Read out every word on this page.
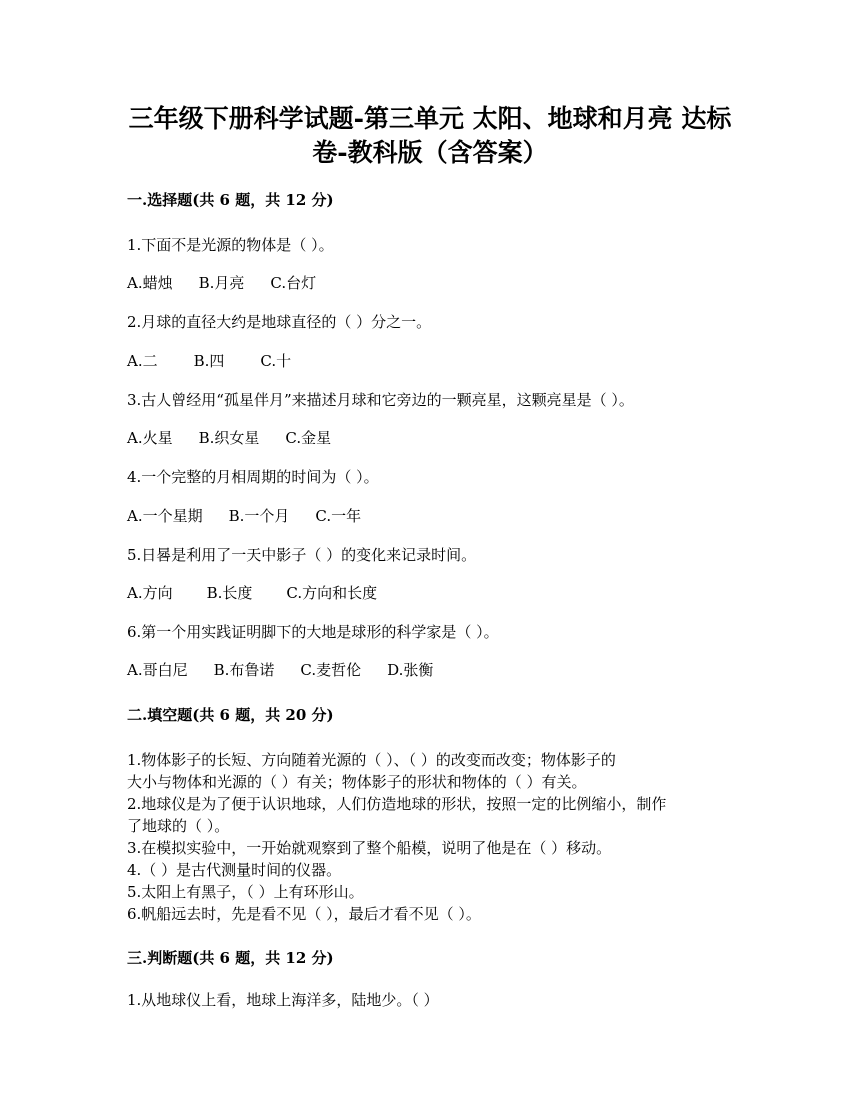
三年级下册科学试题-第三单元 太阳、地球和月亮 达标
卷-教科版（含答案）

一.选择题(共 6 题，共 12 分)

1.下面不是光源的物体是（ ）。

A.蜡烛 B.月亮 C.台灯

2.月球的直径大约是地球直径的（ ）分之一。

A.二 B.四 C.十

3.古人曾经用“孤星伴月”来描述月球和它旁边的一颗亮星，这颗亮星是（ ）。

A.火星 B.织女星 C.金星

4.一个完整的月相周期的时间为（ ）。

A.一个星期 B.一个月 C.一年

5.日晷是利用了一天中影子（ ）的变化来记录时间。

A.方向 B.长度 C.方向和长度

6.第一个用实践证明脚下的大地是球形的科学家是（ ）。

A.哥白尼 B.布鲁诺 C.麦哲伦 D.张衡

二.填空题(共 6 题，共 20 分)

1.物体影子的长短、方向随着光源的（ ）、（ ）的改变而改变；物体影子的

大小与物体和光源的（ ）有关；物体影子的形状和物体的（ ）有关。

2.地球仪是为了便于认识地球，人们仿造地球的形状，按照一定的比例缩小，制作

了地球的（ ）。

3.在模拟实验中，一开始就观察到了整个船模，说明了他是在（ ）移动。

4.（ ）是古代测量时间的仪器。

5.太阳上有黑子，（ ）上有环形山。

6.帆船远去时，先是看不见（ ），最后才看不见（ ）。

三.判断题(共 6 题，共 12 分)

1.从地球仪上看，地球上海洋多，陆地少。（ ）
